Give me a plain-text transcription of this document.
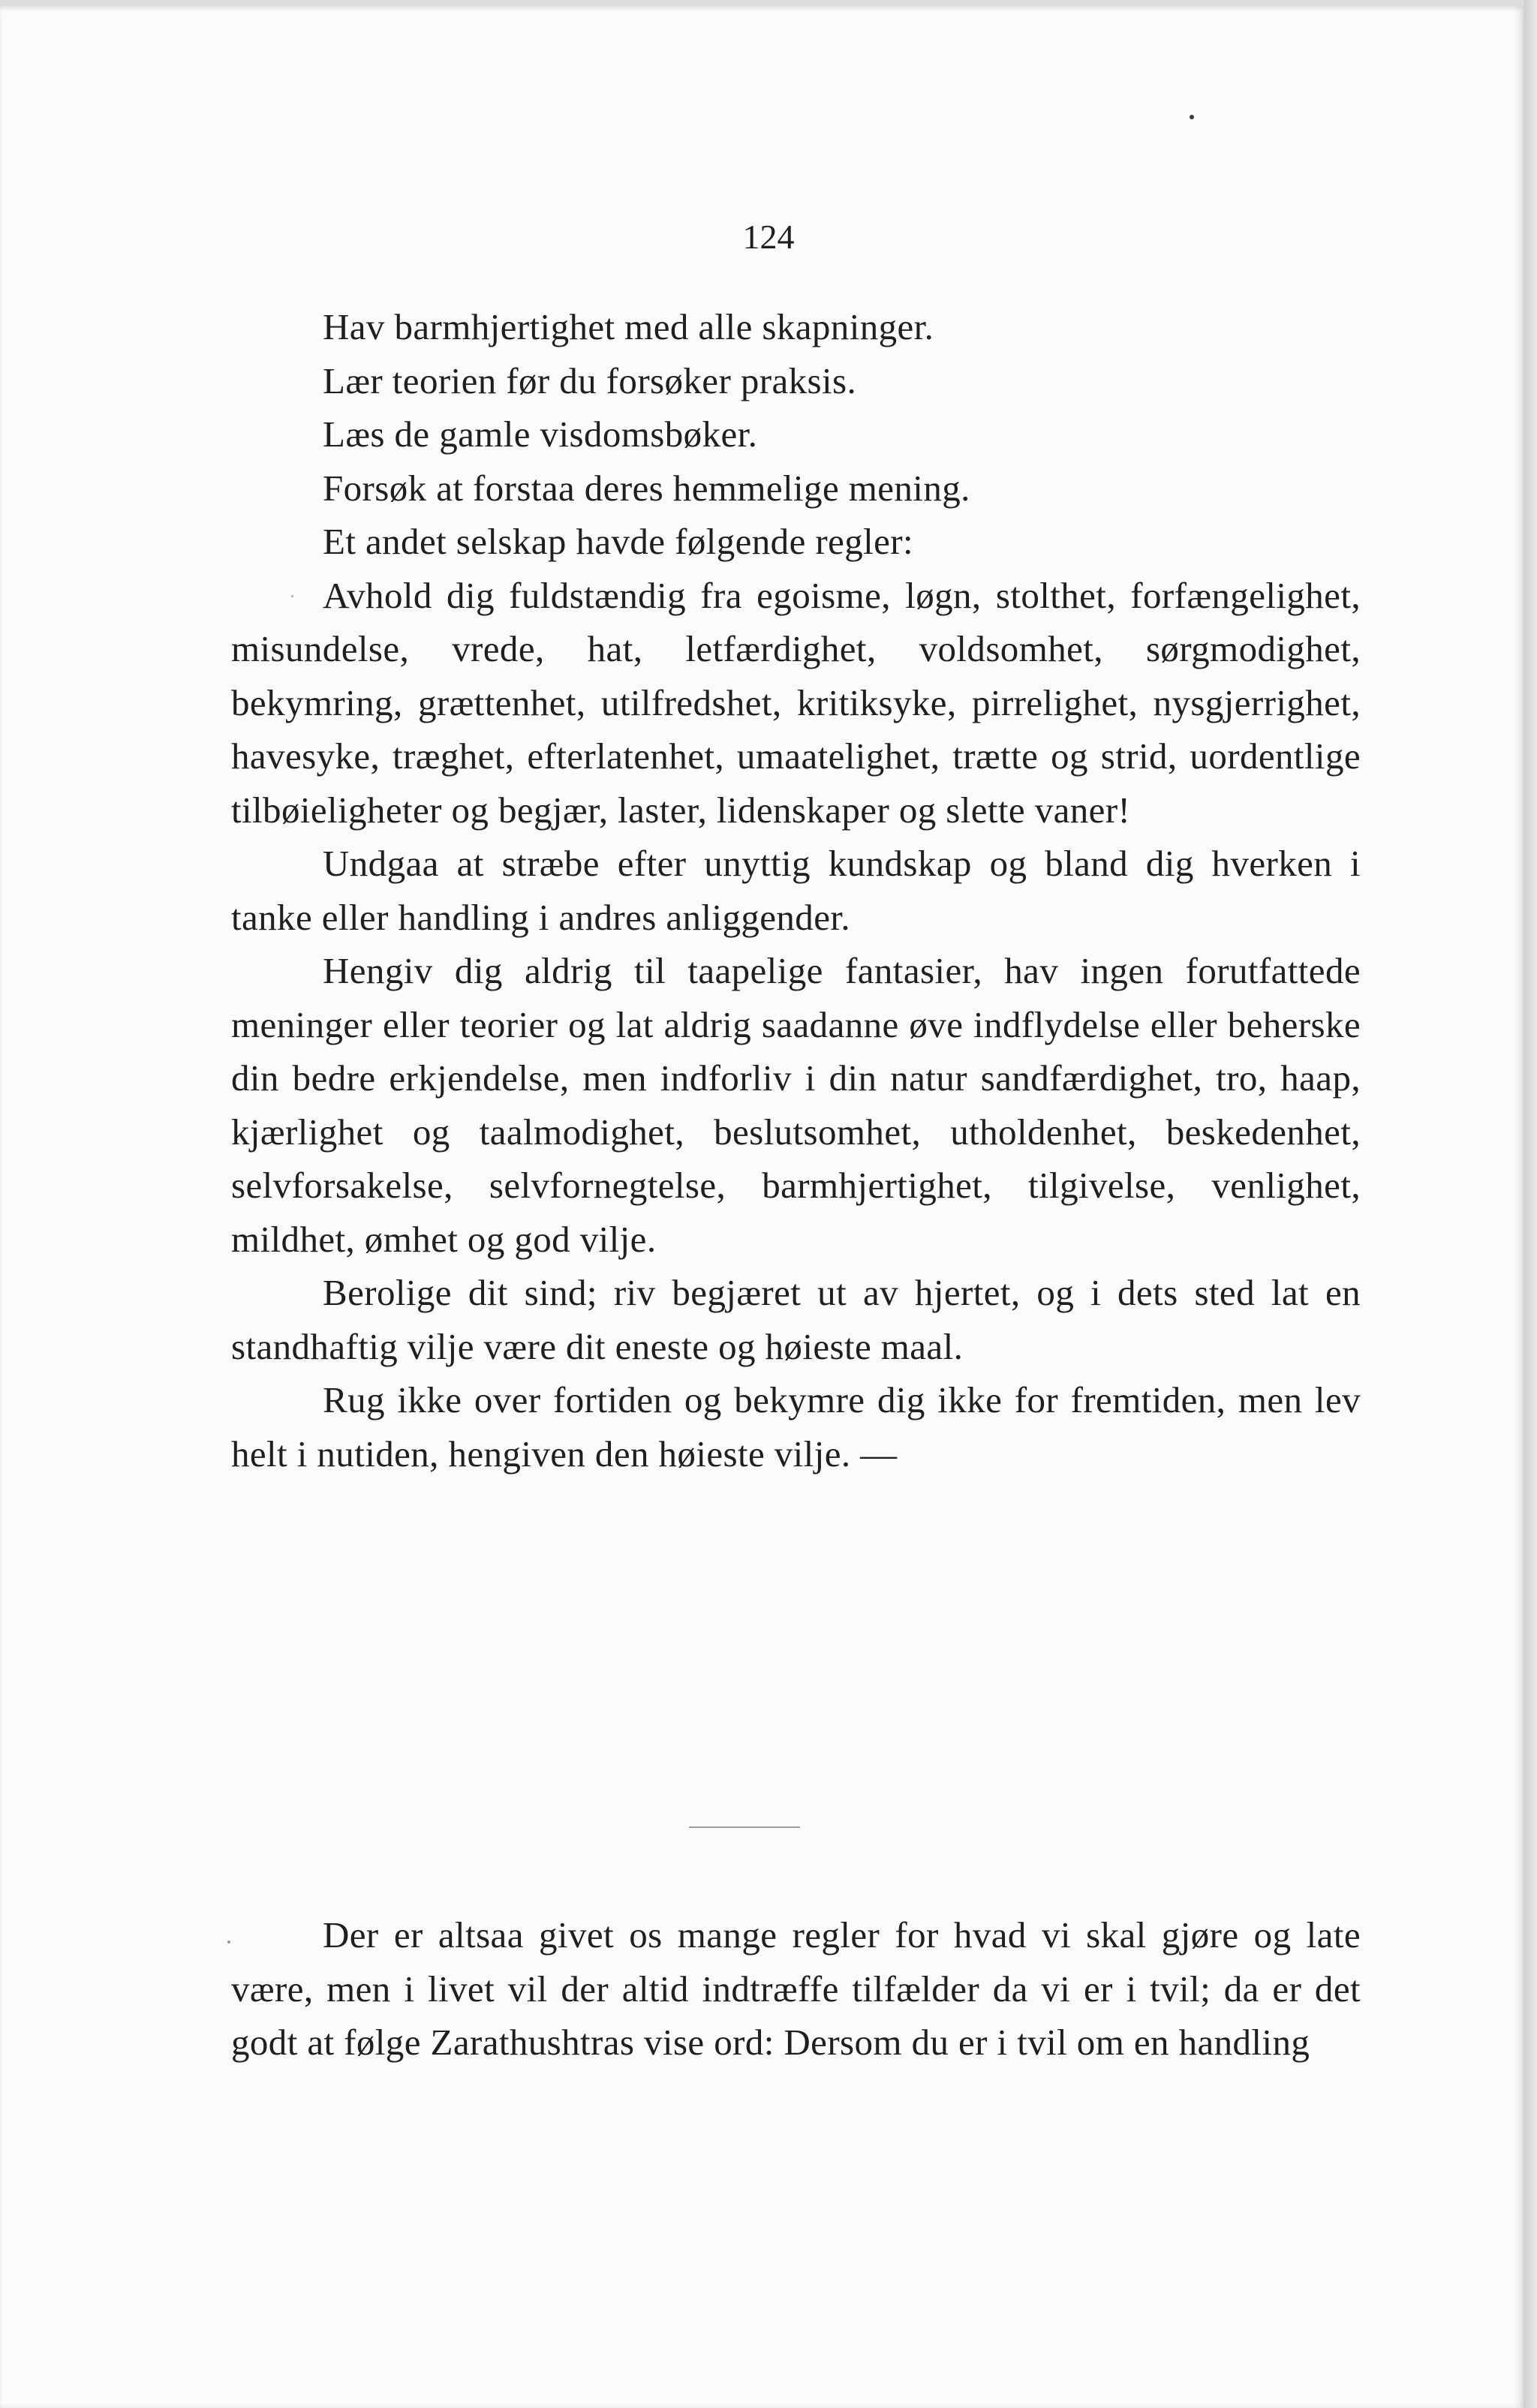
124

Hav barmhjertighet med alle skapninger.

Lær teorien før du forsøker praksis.

Læs de gamle visdomsbøker.

Forsøk at forstaa deres hemmelige mening.

Et andet selskap havde følgende regler:

Avhold dig fuldstændig fra egoisme, løgn, stolthet, forfængelighet, misundelse, vrede, hat, letfærdighet, voldsomhet, sørgmodighet, bekymring, grættenhet, utilfredshet, kritiksyke, pirrelighet, nysgjerrighet, havesyke, træghet, efterlatenhet, umaatelighet, trætte og strid, uordentlige tilbøieligheter og begjær, laster, lidenskaper og slette vaner!

Undgaa at stræbe efter unyttig kundskap og bland dig hverken i tanke eller handling i andres anliggender.

Hengiv dig aldrig til taapelige fantasier, hav ingen forutfattede meninger eller teorier og lat aldrig saadanne øve indflydelse eller beherske din bedre erkjendelse, men indforliv i din natur sandfærdighet, tro, haap, kjærlighet og taalmodighet, beslutsomhet, utholdenhet, beskedenhet, selvforsakelse, selvfornegtelse, barmhjertighet, tilgivelse, venlighet, mildhet, ømhet og god vilje.

Berolige dit sind; riv begjæret ut av hjertet, og i dets sted lat en standhaftig vilje være dit eneste og høieste maal.

Rug ikke over fortiden og bekymre dig ikke for fremtiden, men lev helt i nutiden, hengiven den høieste vilje. —

Der er altsaa givet os mange regler for hvad vi skal gjøre og late være, men i livet vil der altid indtræffe tilfælder da vi er i tvil; da er det godt at følge Zarathushtras vise ord: Dersom du er i tvil om en handling
